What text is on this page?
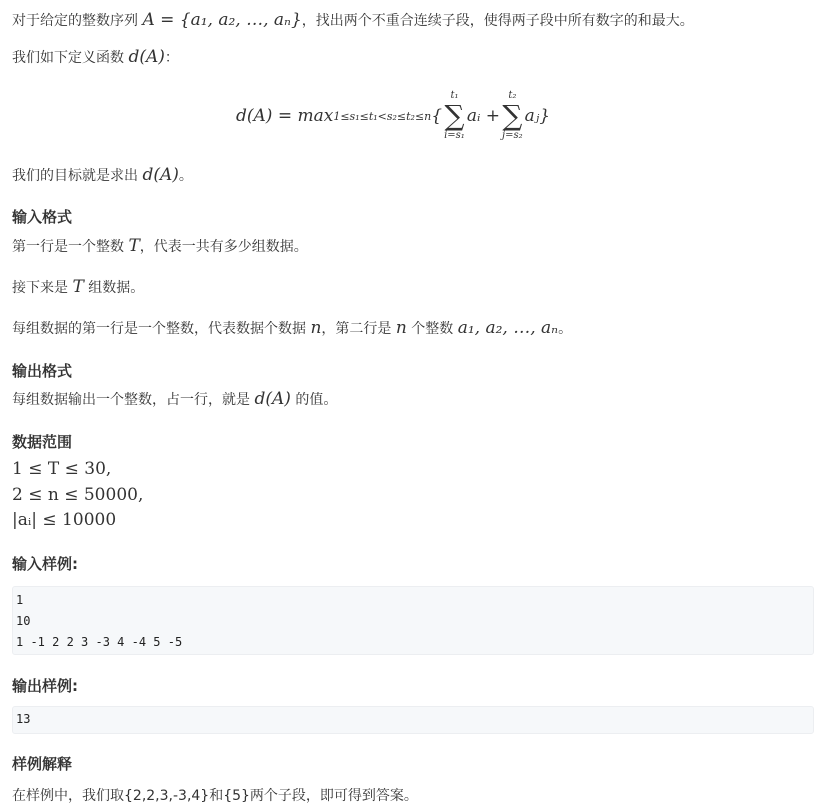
对于给定的整数序列 A = {a₁, a₂, …, aₙ}，找出两个不重合连续子段，使得两子段中所有数字的和最大。
我们如下定义函数 d(A)：
d(A) = max 1≤s₁≤t₁<s₂≤t₂≤n {
t₁
∑
i=s₁
aᵢ +
t₂
∑
j=s₂
aⱼ }
我们的目标就是求出 d(A)。
输入格式
第一行是一个整数 T，代表一共有多少组数据。
接下来是 T 组数据。
每组数据的第一行是一个整数，代表数据个数据 n，第二行是 n 个整数 a₁, a₂, …, aₙ。
输出格式
每组数据输出一个整数，占一行，就是 d(A) 的值。
数据范围
1 ≤ T ≤ 30,
2 ≤ n ≤ 50000,
|aᵢ| ≤ 10000
输入样例:
1
10
1 -1 2 2 3 -3 4 -4 5 -5
输出样例:
13
样例解释
在样例中，我们取{2,2,3,-3,4}和{5}两个子段，即可得到答案。
